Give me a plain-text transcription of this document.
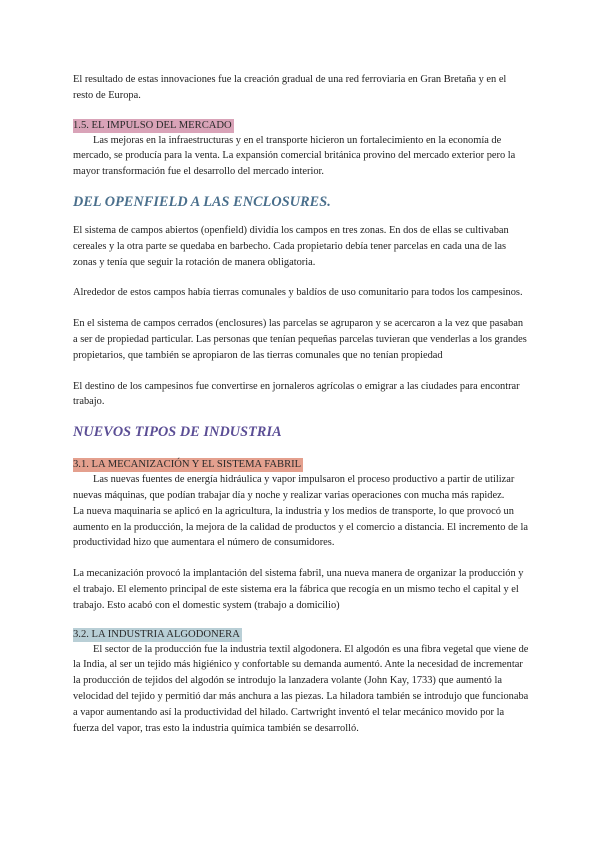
El resultado de estas innovaciones fue la creación gradual de una red ferroviaria en Gran Bretaña y en el resto de Europa.

1.5. EL IMPULSO DEL MERCADO

Las mejoras en la infraestructuras y en el transporte hicieron un fortalecimiento en la economía de mercado, se producía para la venta. La expansión comercial británica provino del mercado exterior pero la mayor transformación fue el desarrollo del mercado interior.

DEL OPENFIELD A LAS ENCLOSURES.

El sistema de campos abiertos (openfield) dividía los campos en tres zonas. En dos de ellas se cultivaban cereales y la otra parte se quedaba en barbecho. Cada propietario debía tener parcelas en cada una de las zonas y tenía que seguir la rotación de manera obligatoria.

Alrededor de estos campos había tierras comunales y baldíos de uso comunitario para todos los campesinos.

En el sistema de campos cerrados (enclosures) las parcelas se agruparon y se acercaron a la vez que pasaban a ser de propiedad particular. Las personas que tenían pequeñas parcelas tuvieran que venderlas a los grandes propietarios, que también se apropiaron de las tierras comunales que no tenían propiedad

El destino de los campesinos fue convertirse en jornaleros agrícolas o emigrar a las ciudades para encontrar trabajo.

NUEVOS TIPOS DE INDUSTRIA
3.1. LA MECANIZACIÓN Y EL SISTEMA FABRIL

Las nuevas fuentes de energía hidráulica y vapor impulsaron el proceso productivo a partir de utilizar nuevas máquinas, que podían trabajar día y noche y realizar varias operaciones con mucha más rapidez.

La nueva maquinaria se aplicó en la agricultura, la industria y los medios de transporte, lo que provocó un aumento en la producción, la mejora de la calidad de productos y el comercio a distancia. El incremento de la productividad hizo que aumentara el número de consumidores.

La mecanización provocó la implantación del sistema fabril, una nueva manera de organizar la producción y el trabajo. El elemento principal de este sistema era la fábrica que recogía en un mismo techo el capital y el trabajo. Esto acabó con el domestic system (trabajo a domicilio)

3.2. LA INDUSTRIA ALGODONERA

El sector de la producción fue la industria textil algodonera. El algodón es una fibra vegetal que viene de la India, al ser un tejido más higiénico y confortable su demanda aumentó. Ante la necesidad de incrementar la producción de tejidos del algodón se introdujo la lanzadera volante (John Kay, 1733) que aumentó la velocidad del tejido y permitió dar más anchura a las piezas. La hiladora también se introdujo que funcionaba a vapor aumentando así la productividad del hilado. Cartwright inventó el telar mecánico movido por la fuerza del vapor, tras esto la industria química también se desarrolló.
